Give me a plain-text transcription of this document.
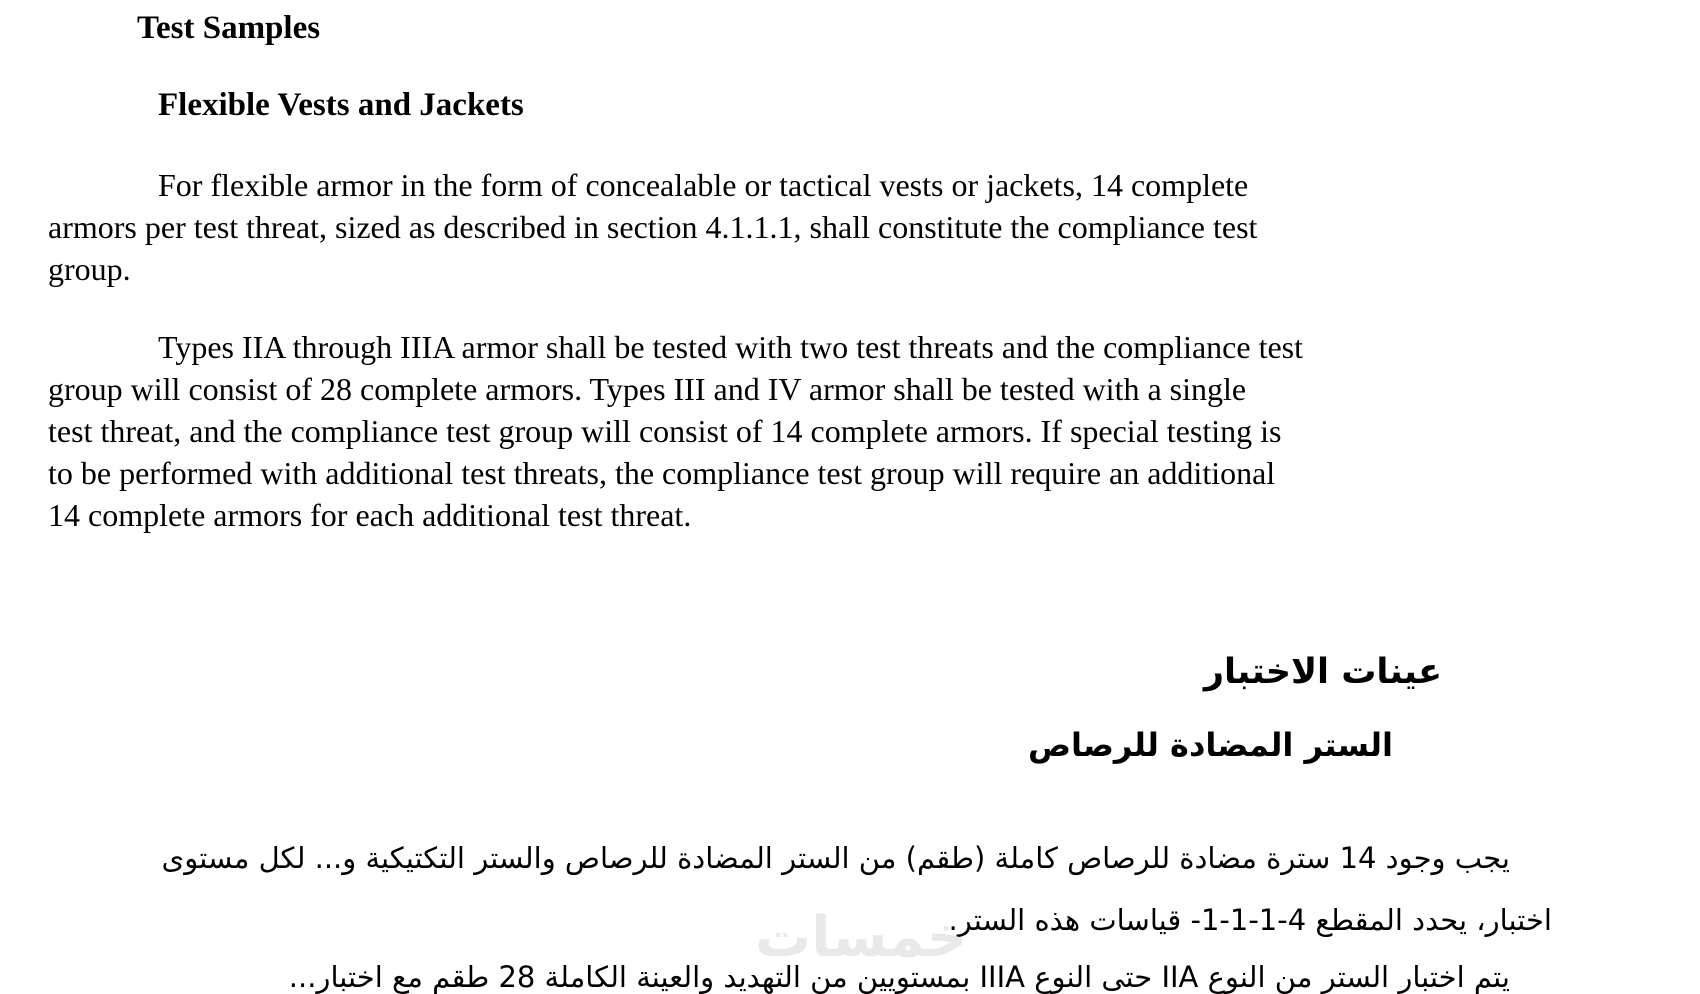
Test Samples
Flexible Vests and Jackets
For flexible armor in the form of concealable or tactical vests or jackets, 14 complete
armors per test threat, sized as described in section 4.1.1.1, shall constitute the compliance test
group.
Types IIA through IIIA armor shall be tested with two test threats and the compliance test
group will consist of 28 complete armors. Types III and IV armor shall be tested with a single
test threat, and the compliance test group will consist of 14 complete armors. If special testing is
to be performed with additional test threats, the compliance test group will require an additional
14 complete armors for each additional test threat.
عينات الاختبار
الستر المضادة للرصاص
يجب وجود 14 سترة مضادة للرصاص كاملة (طقم) من الستر المضادة للرصاص والستر التكتيكية و... لكل مستوى
اختبار، يحدد المقطع 4-1-1-1- قياسات هذه الستر.
يتم اختبار الستر من النوع IIA حتى النوع IIIA بمستويين من التهديد والعينة الكاملة 28 طقم مع اختبار...
خمسات
